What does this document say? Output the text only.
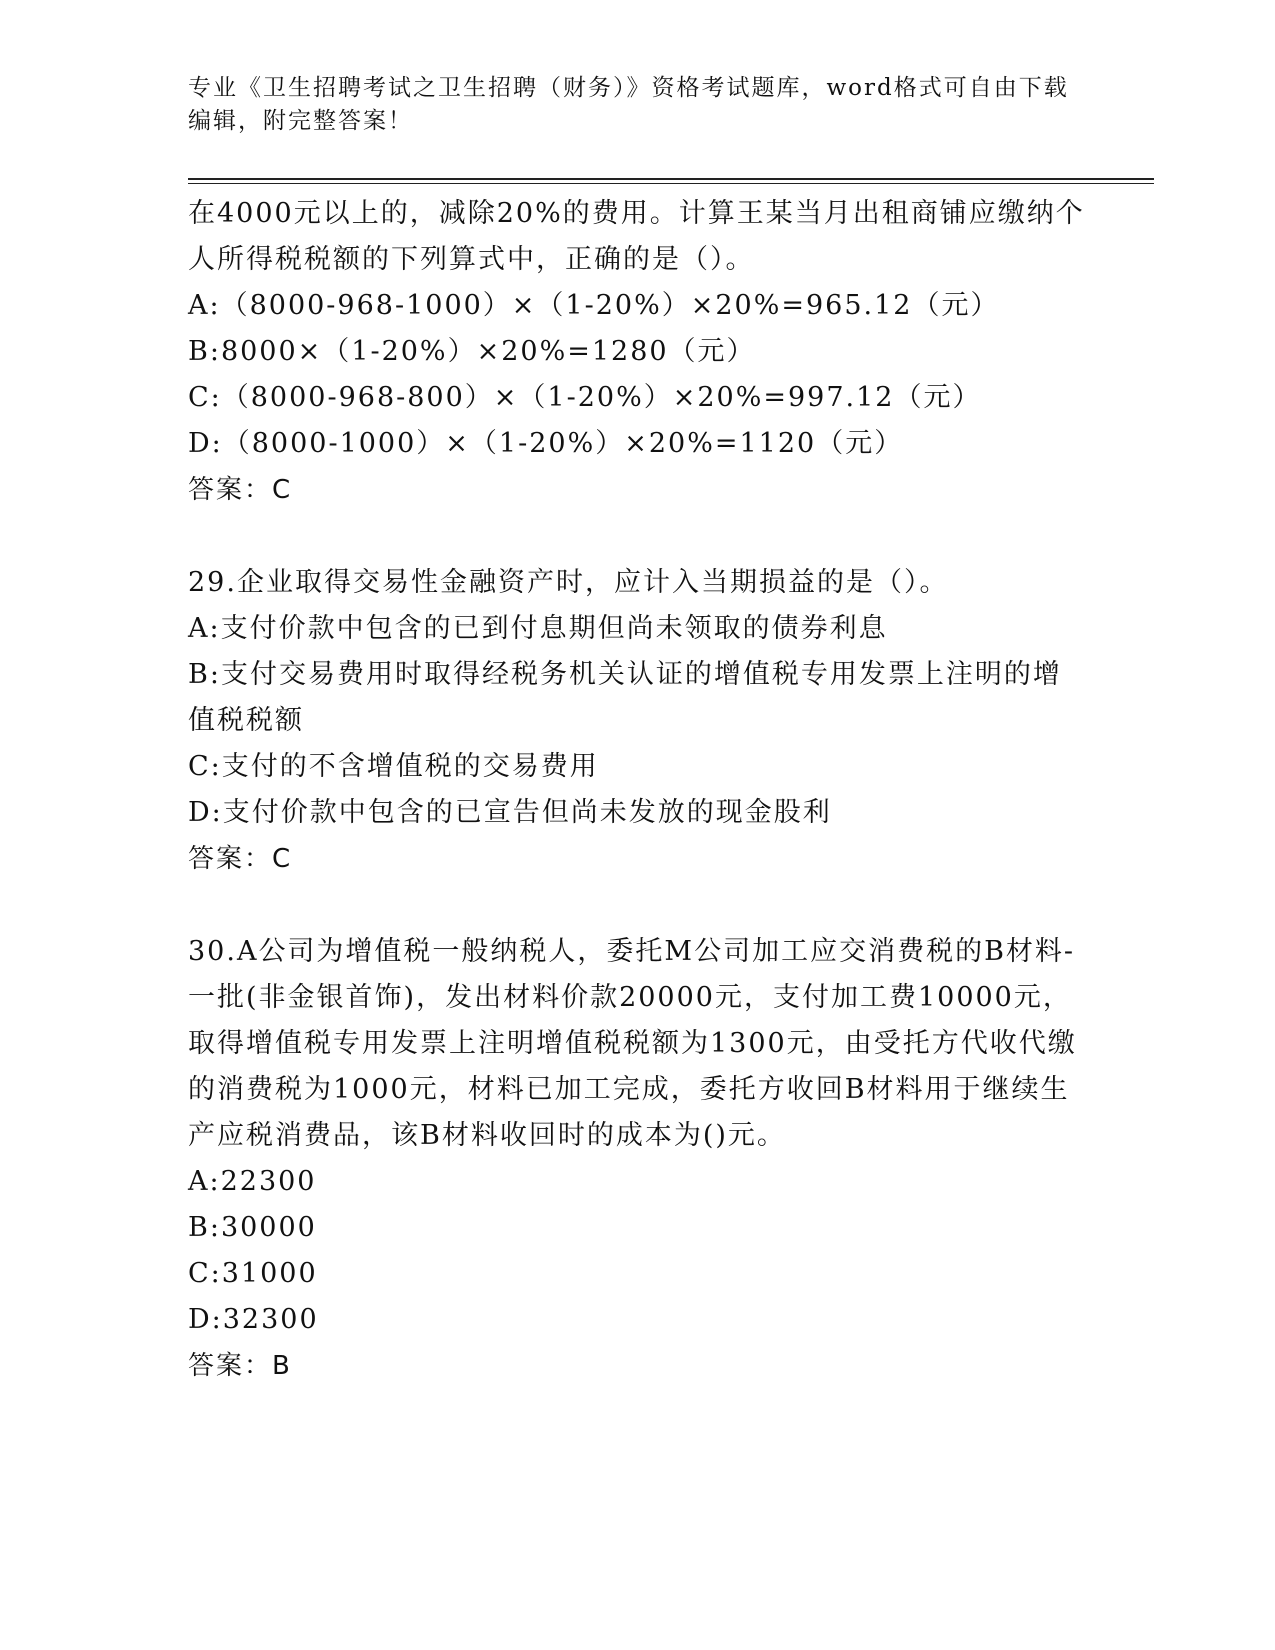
专业《卫生招聘考试之卫生招聘（财务）》资格考试题库，word格式可自由下载
编辑，附完整答案！
在4000元以上的，减除20%的费用。计算王某当月出租商铺应缴纳个
人所得税税额的下列算式中，正确的是（）。
A:（8000-968-1000）×（1-20%）×20%=965.12（元）
B:8000×（1-20%）×20%=1280（元）
C:（8000-968-800）×（1-20%）×20%=997.12（元）
D:（8000-1000）×（1-20%）×20%=1120（元）
答案：C
29.企业取得交易性金融资产时，应计入当期损益的是（）。
A:支付价款中包含的已到付息期但尚未领取的债券利息
B:支付交易费用时取得经税务机关认证的增值税专用发票上注明的增
值税税额
C:支付的不含增值税的交易费用
D:支付价款中包含的已宣告但尚未发放的现金股利
答案：C
30.A公司为增值税一般纳税人，委托M公司加工应交消费税的B材料-
一批(非金银首饰)，发出材料价款20000元，支付加工费10000元，
取得增值税专用发票上注明增值税税额为1300元，由受托方代收代缴
的消费税为1000元，材料已加工完成，委托方收回B材料用于继续生
产应税消费品，该B材料收回时的成本为()元。
A:22300
B:30000
C:31000
D:32300
答案：B
